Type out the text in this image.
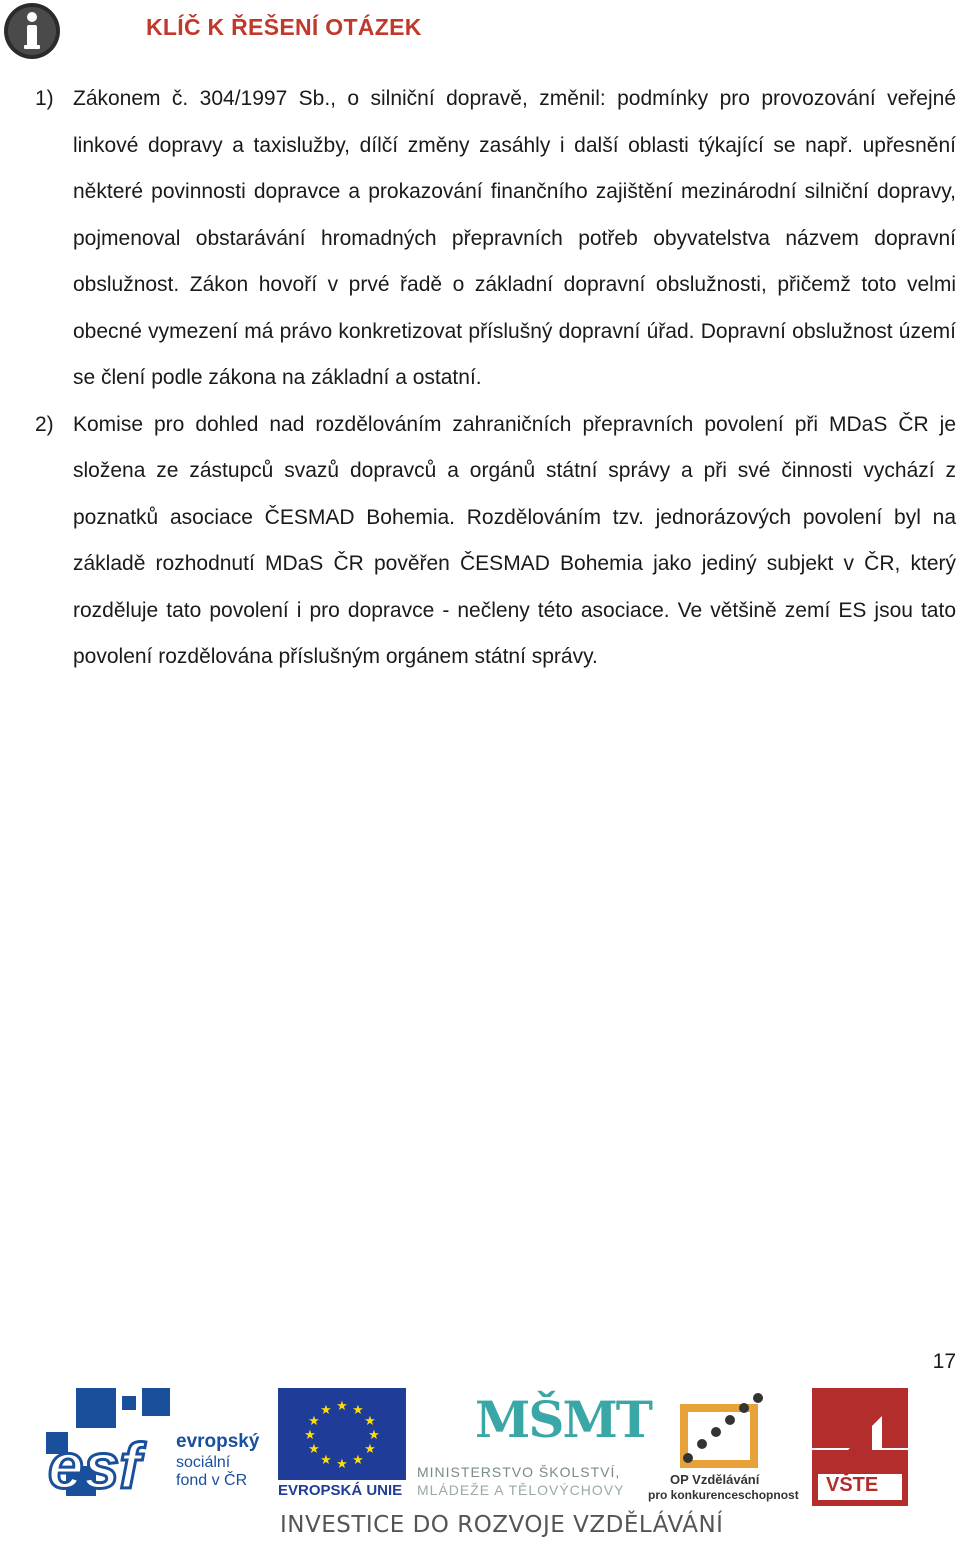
KLÍČ K ŘEŠENÍ OTÁZEK
1) Zákonem č. 304/1997 Sb., o silniční dopravě, změnil: podmínky pro provozování veřejné linkové dopravy a taxislužby, dílčí změny zasáhly i další oblasti týkající se např. upřesnění některé povinnosti dopravce a prokazování finančního zajištění mezinárodní silniční dopravy, pojmenoval obstarávání hromadných přepravních potřeb obyvatelstva názvem dopravní obslužnost. Zákon hovoří v prvé řadě o základní dopravní obslužnosti, přičemž toto velmi obecné vymezení má právo konkretizovat příslušný dopravní úřad. Dopravní obslužnost území se člení podle zákona na základní a ostatní.

2) Komise pro dohled nad rozdělováním zahraničních přepravních povolení při MDaS ČR je složena ze zástupců svazů dopravců a orgánů státní správy a při své činnosti vychází z poznatků asociace ČESMAD Bohemia. Rozdělováním tzv. jednorázových povolení byl na základě rozhodnutí MDaS ČR pověřen ČESMAD Bohemia jako jediný subjekt v ČR, který rozděluje tato povolení i pro dopravce - nečleny této asociace. Ve většině zemí ES jsou tato povolení rozdělována příslušným orgánem státní správy.

17
esf evropský
sociální
fond v ČR
★ ★
★
★
★
★
★
★
★
★
★
★
EVROPSKÁ UNIE
MŠMT
MINISTERSTVO ŠKOLSTVÍ,
MLÁDEŽE A TĚLOVÝCHOVY
OP Vzdělávání
pro konkurenceschopnost VŠTE
INVESTICE DO ROZVOJE VZDĚLÁVÁNÍ
